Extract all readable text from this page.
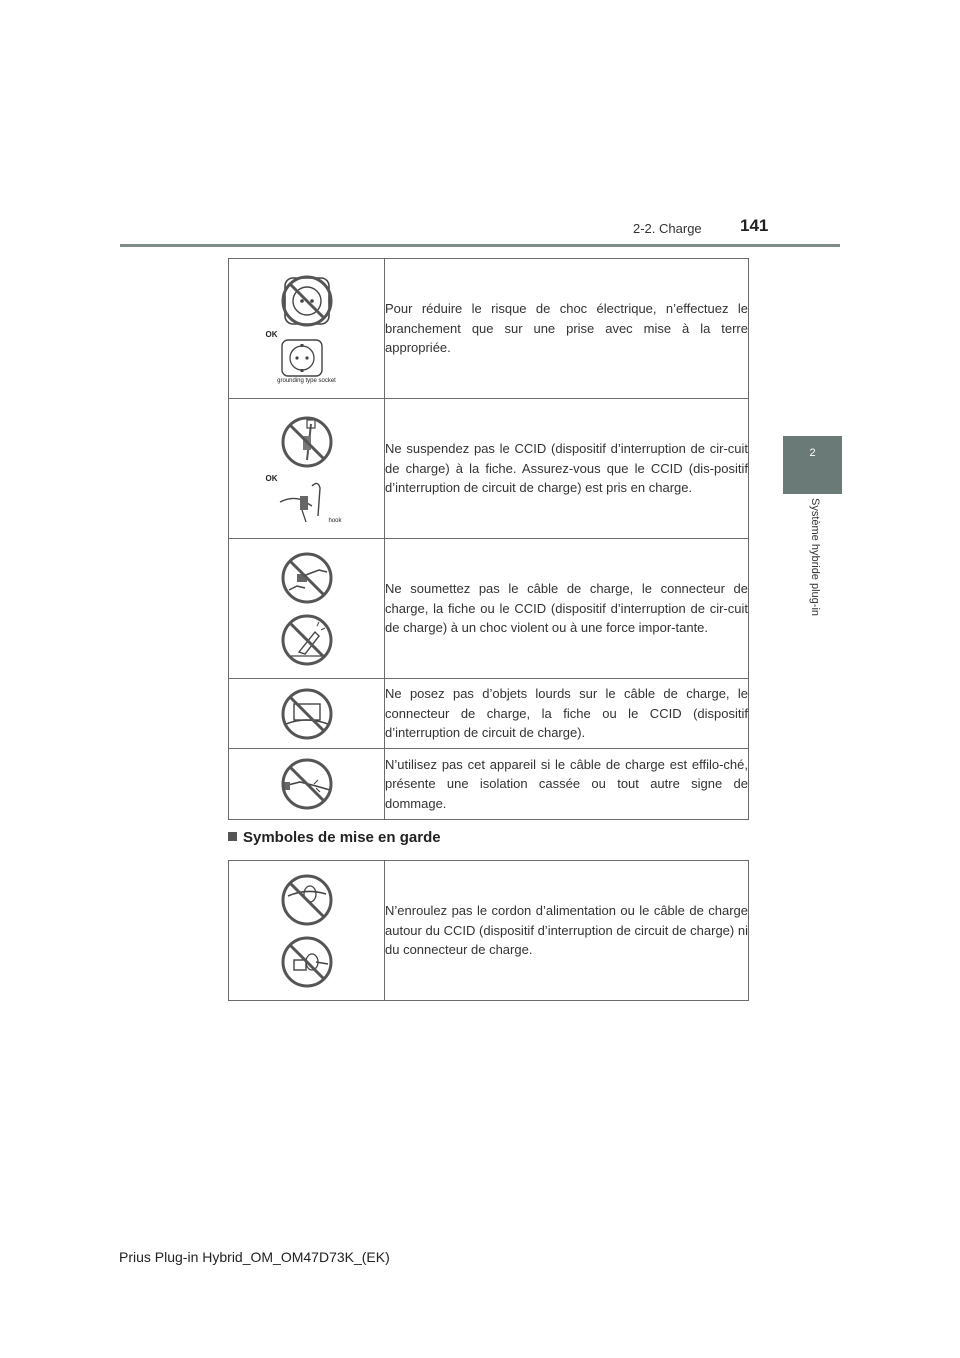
2-2. Charge 141
2
Système hybride plug-in
OK
grounding type socket	Pour réduire le risque de choc électrique, n’effectuez le branchement que sur une prise avec mise à la terre appropriée.

OK
hook	Ne suspendez pas le CCID (dispositif d’interruption de cir-cuit de charge) à la fiche. Assurez-vous que le CCID (dis-positif d’interruption de circuit de charge) est pris en charge.

	Ne soumettez pas le câble de charge, le connecteur de charge, la fiche ou le CCID (dispositif d’interruption de cir-cuit de charge) à un choc violent ou à une force impor-tante.

	Ne posez pas d’objets lourds sur le câble de charge, le connecteur de charge, la fiche ou le CCID (dispositif d’interruption de circuit de charge).

	N’utilisez pas cet appareil si le câble de charge est effilo-ché, présente une isolation cassée ou tout autre signe de dommage.
Symboles de mise en garde
	N’enroulez pas le cordon d’alimentation ou le câble de charge autour du CCID (dispositif d’interruption de circuit de charge) ni du connecteur de charge.
Prius Plug-in Hybrid_OM_OM47D73K_(EK)
